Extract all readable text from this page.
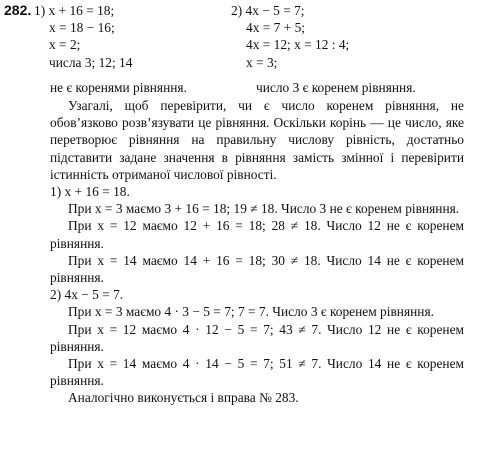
282. 1) x + 16 = 18;
x = 18 − 16;
x = 2;
числа 3; 12; 14
2) 4x − 5 = 7;
4x = 7 + 5;
4x = 12; x = 12 : 4;
x = 3;
не є коренями рівняння.	число 3 є коренем рівняння.

Узагалі, щоб перевірити, чи є число коренем рівняння, не обов’язково розв’язувати це рівняння. Оскільки корінь — це число, яке перетворює рівняння на правильну числову рівність, достатньо підставити задане значення в рівняння замість змінної і перевірити істинність отриманої числової рівності.

1) x + 16 = 18.

При x = 3 маємо 3 + 16 = 18; 19 ≠ 18. Число 3 не є коренем рівняння.

При x = 12 маємо 12 + 16 = 18; 28 ≠ 18. Число 12 не є коренем рівняння.

При x = 14 маємо 14 + 16 = 18; 30 ≠ 18. Число 14 не є коренем рівняння.

2) 4x − 5 = 7.

При x = 3 маємо 4 · 3 − 5 = 7; 7 = 7. Число 3 є коренем рівняння.

При x = 12 маємо 4 · 12 − 5 = 7; 43 ≠ 7. Число 12 не є коренем рівняння.

При x = 14 маємо 4 · 14 − 5 = 7; 51 ≠ 7. Число 14 не є коренем рівняння.

Аналогічно виконується і вправа № 283.
